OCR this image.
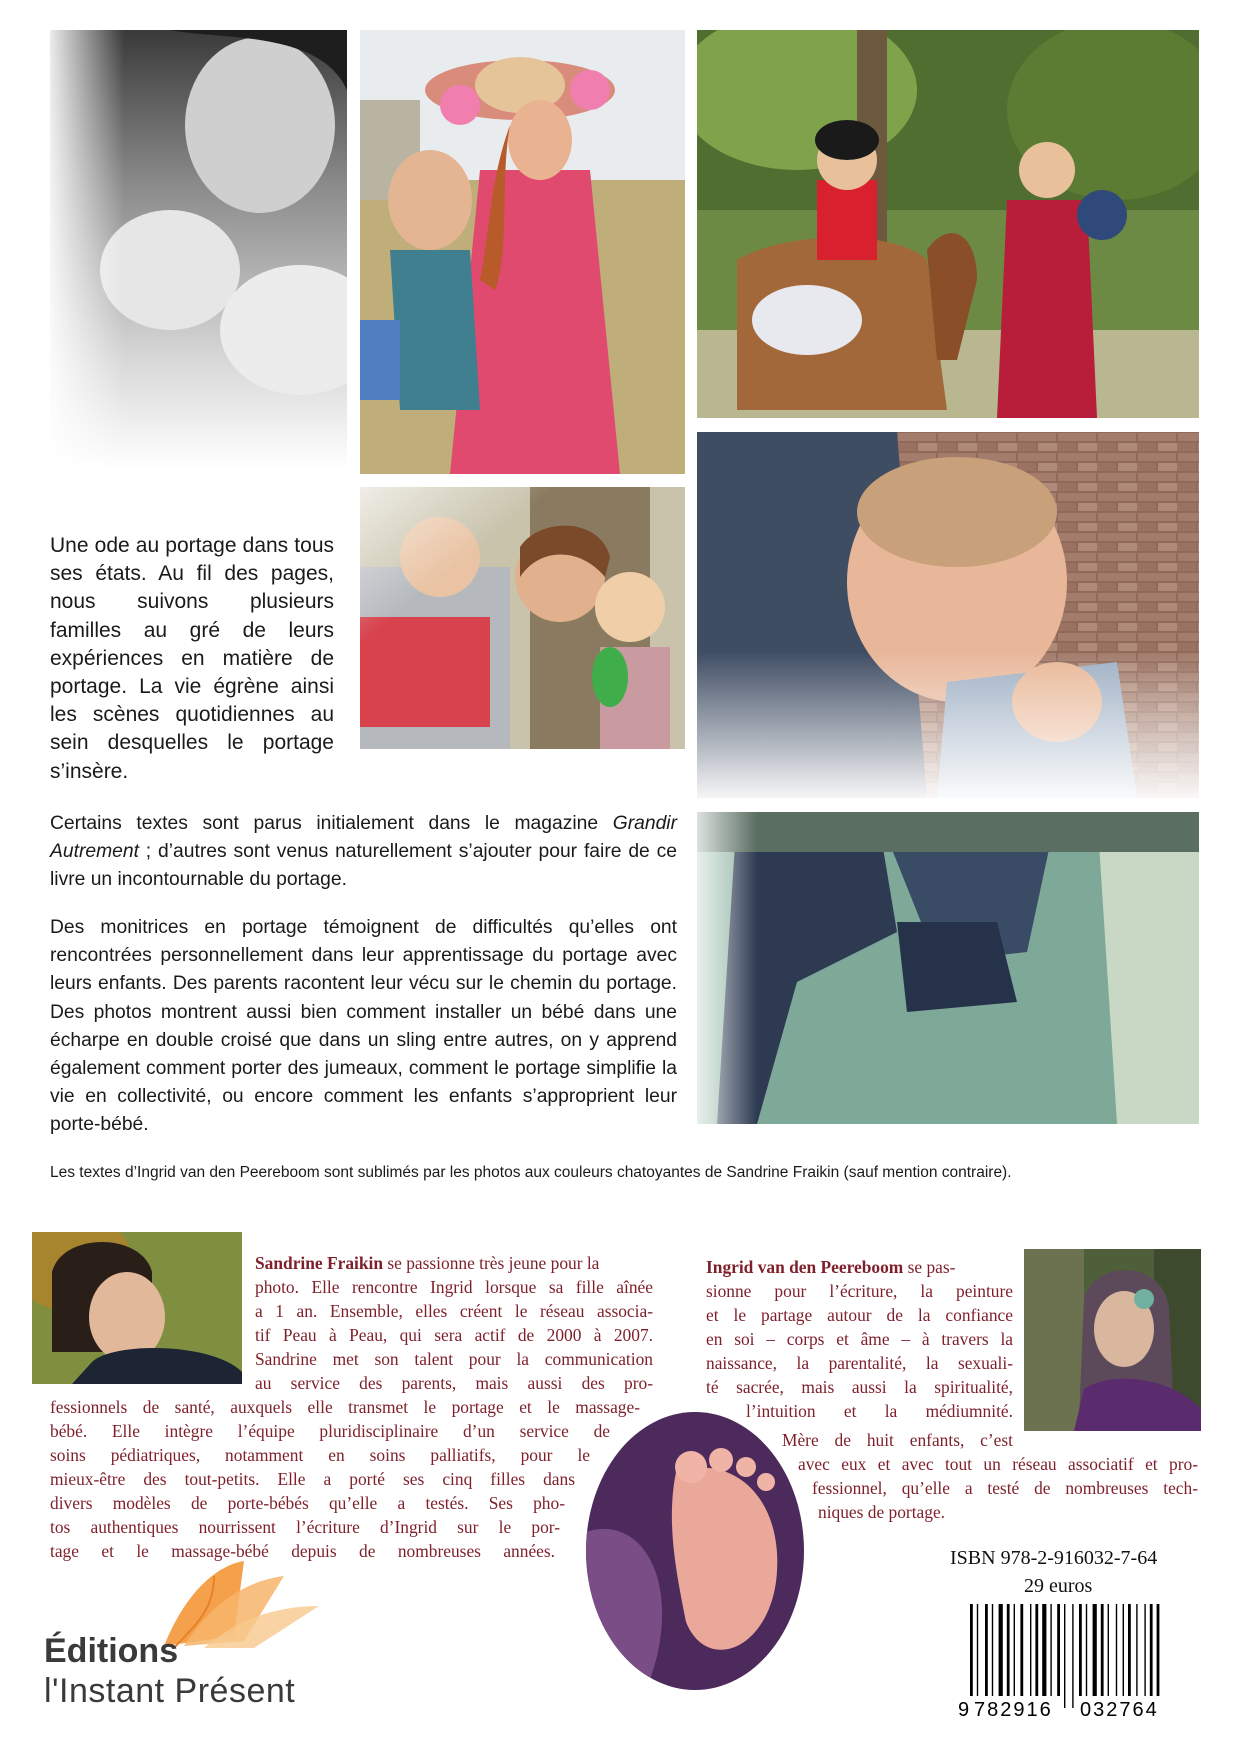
Une ode au portage dans tous ses états. Au fil des pages, nous suivons plusieurs familles au gré de leurs expériences en matière de portage. La vie égrène ainsi les scènes quotidiennes au sein desquelles le portage s’insère.

Certains textes sont parus initialement dans le magazine Grandir Autrement ; d’autres sont venus naturellement s’ajouter pour faire de ce livre un incontournable du portage.

Des monitrices en portage témoignent de difficultés qu’elles ont rencontrées personnellement dans leur apprentissage du portage avec leurs enfants. Des parents racontent leur vécu sur le chemin du portage. Des photos montrent aussi bien comment installer un bébé dans une écharpe en double croisé que dans un sling entre autres, on y apprend également comment porter des jumeaux, comment le portage simplifie la vie en collectivité, ou encore comment les enfants s’approprient leur porte-bébé.

Les textes d’Ingrid van den Peereboom sont sublimés par les photos aux couleurs chatoyantes de Sandrine Fraikin (sauf mention contraire).

Sandrine Fraikin se passionne très jeune pour la
photo. Elle rencontre Ingrid lorsque sa fille aînée
a 1 an. Ensemble, elles créent le réseau associa-
tif Peau à Peau, qui sera actif de 2000 à 2007.
Sandrine met son talent pour la communication
au service des parents, mais aussi des pro-
fessionnels de santé, auxquels elle transmet le portage et le massage-
bébé. Elle intègre l’équipe pluridisciplinaire d’un service de
soins pédiatriques, notamment en soins palliatifs, pour le
mieux-être des tout-petits. Elle a porté ses cinq filles dans
divers modèles de porte-bébés qu’elle a testés. Ses pho-
tos authentiques nourrissent l’écriture d’Ingrid sur le por-
tage et le massage-bébé depuis de nombreuses années.
Ingrid van den Peereboom se pas-
sionne pour l’écriture, la peinture
et le partage autour de la confiance
en soi – corps et âme – à travers la
naissance, la parentalité, la sexuali-
té sacrée, mais aussi la spiritualité,
l’intuition et la médiumnité.
Mère de huit enfants, c’est
avec eux et avec tout un réseau associatif et pro-
fessionnel, qu’elle a testé de nombreuses tech-
niques de portage.
ISBN 978-2-916032-7-64
29 euros
9 782916 032764
Éditions
l'Instant Présent
